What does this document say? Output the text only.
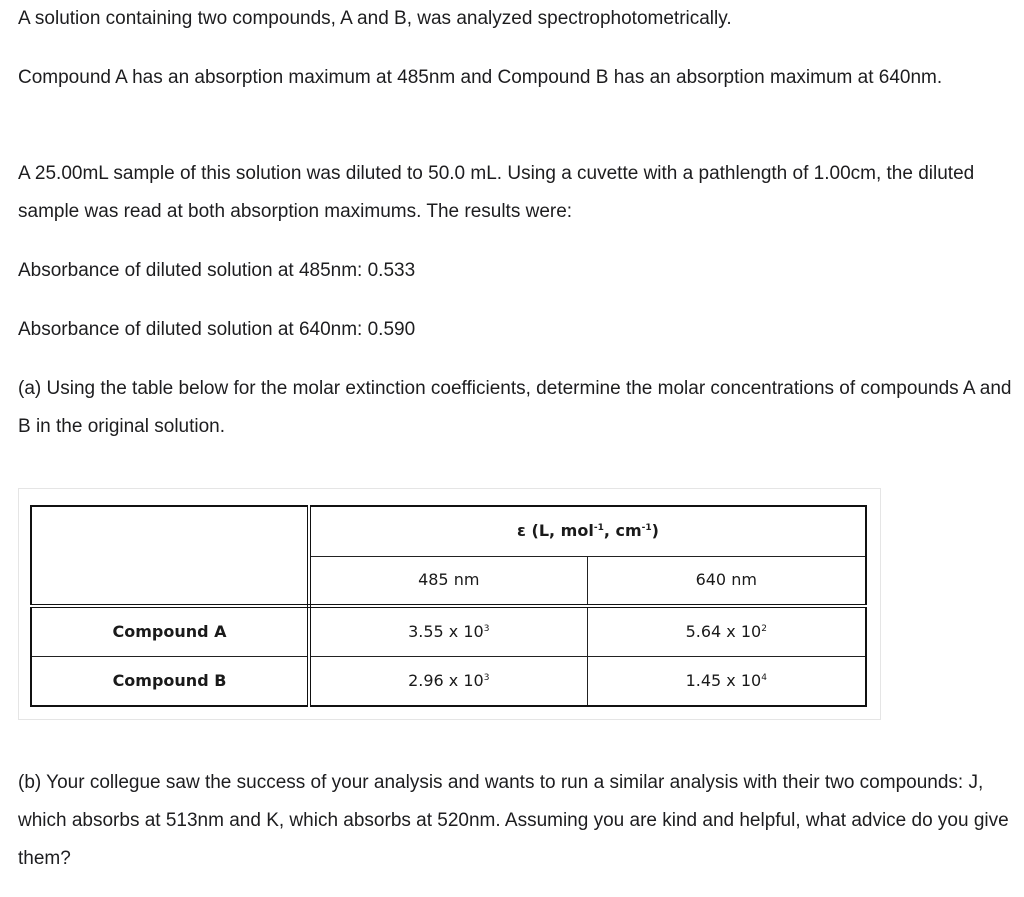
A solution containing two compounds, A and B, was analyzed spectrophotometrically.

Compound A has an absorption maximum at 485nm and Compound B has an absorption maximum at 640nm.

A 25.00mL sample of this solution was diluted to 50.0 mL. Using a cuvette with a pathlength of 1.00cm, the diluted sample was read at both absorption maximums. The results were:

Absorbance of diluted solution at 485nm: 0.533

Absorbance of diluted solution at 640nm: 0.590

(a) Using the table below for the molar extinction coefficients, determine the molar concentrations of compounds A and B in the original solution.

	ε (L, mol$^{-1}$, $cm^{-1}$)	
	485 nm	640 nm
Compound A	3.55 x $10^3$	5.64 x $10^2$
Compound B	2.96 x $10^3$	1.45 x $10^4$

(b) Your collegue saw the success of your analysis and wants to run a similar analysis with their two compounds: J, which absorbs at 513nm and K, which absorbs at 520nm. Assuming you are kind and helpful, what advice do you give them?
